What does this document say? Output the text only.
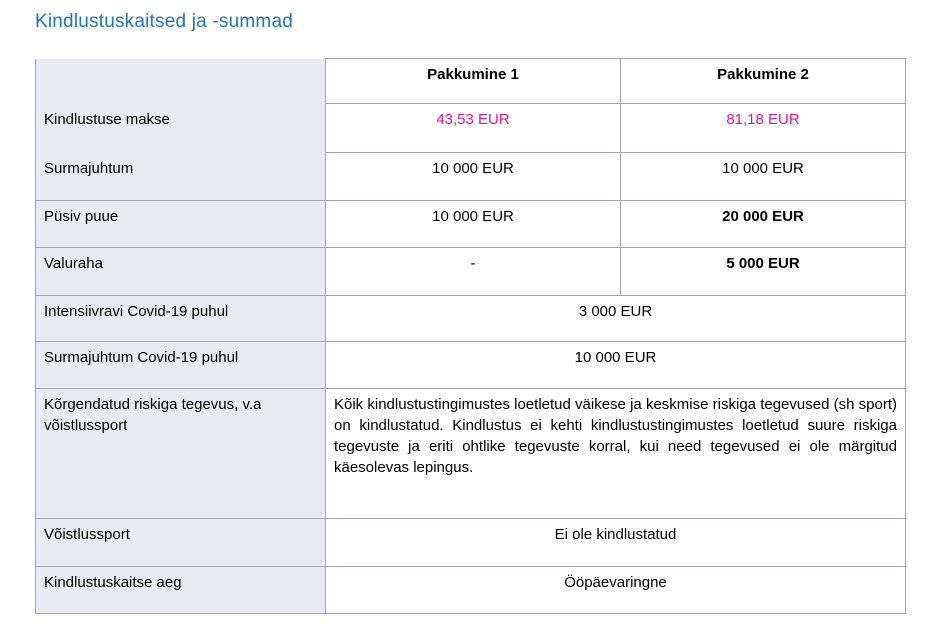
Kindlustuskaitsed ja -summad
	Pakkumine 1	Pakkumine 2
Kindlustuse makse	43,53 EUR	81,18 EUR
Surmajuhtum	10 000 EUR	10 000 EUR
Püsiv puue	10 000 EUR	20 000 EUR
Valuraha	-	5 000 EUR
Intensiivravi Covid-19 puhul	3 000 EUR	
Surmajuhtum Covid-19 puhul	10 000 EUR	
Kõrgendatud riskiga tegevus, v.a võistlussport	Kõik kindlustustingimustes loetletud väikese ja keskmise riskiga tegevused (sh sport) on kindlustatud. Kindlustus ei kehti kindlustustingimustes loetletud suure riskiga tegevuste ja eriti ohtlike tegevuste korral, kui need tegevused ei ole märgitud käesolevas lepingus.	
Võistlussport	Ei ole kindlustatud	
Kindlustuskaitse aeg	Ööpäevaringne	
